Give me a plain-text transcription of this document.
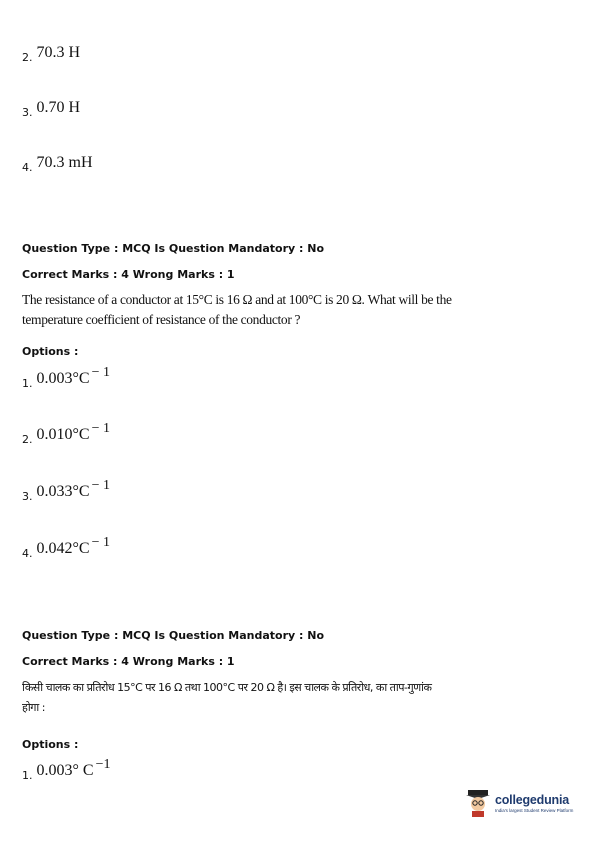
2. 70.3 H
3. 0.70 H
4. 70.3 mH
Question Type : MCQ Is Question Mandatory : No
Correct Marks : 4 Wrong Marks : 1
The resistance of a conductor at 15°C is 16 Ω and at 100°C is 20 Ω. What will be the
temperature coefficient of resistance of the conductor ?
Options :
1. 0.003°C − 1
2. 0.010°C − 1
3. 0.033°C − 1
4. 0.042°C − 1
Question Type : MCQ Is Question Mandatory : No
Correct Marks : 4 Wrong Marks : 1
किसी चालक का प्रतिरोध 15°C पर 16 Ω तथा 100°C पर 20 Ω है। इस चालक के प्रतिरोध, का ताप-गुणांक
होगा :
Options :
1. 0.003° C −1
collegedunia
India's largest Student Review Platform
